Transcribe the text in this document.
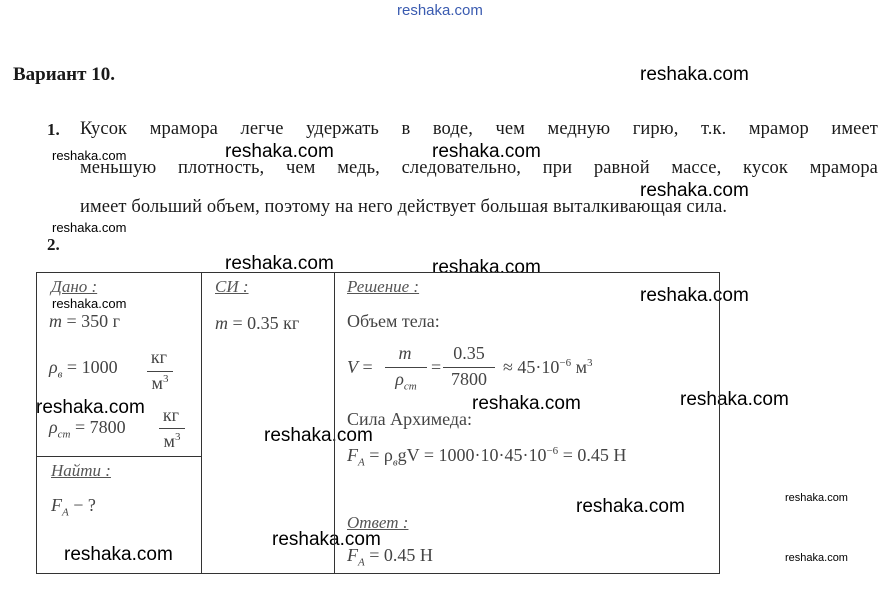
reshaka.com
reshaka.com
reshaka.com	reshaka.com	reshaka.com
reshaka.com
reshaka.com
reshaka.com	reshaka.com
reshaka.com
reshaka.com
reshaka.com	reshaka.com	reshaka.com
reshaka.com
reshaka.com
reshaka.com
reshaka.com
reshaka.com	reshaka.com
Вариант 10.
1. Кусок мрамора легче удержать в воде, чем медную гирю, т.к. мрамор имеет
меньшую плотность, чем медь, следовательно, при равной массе, кусок мрамора
имеет больший объем, поэтому на него действует большая выталкивающая сила.
2.
Дано :
m = 350 г
$\rho_в = 1000$ кг
$м^3$
$\rho_{ст} = 7800$
кг
$м^3$
Найти :
$F_A$ − ?
СИ :
m = 0.35 кг
Решение :
Объем тела:
V =
m
$\rho_{ст}$
=
0.35
7800
≈ $45\cdot 10^{-6}$ $м^3$
Сила Архимеда:
$F_A = \rho_вgV = 1000\cdot 10\cdot 45\cdot 10^{-6} = 0.45$ Н
Ответ :
$F_A = 0.45$ Н
